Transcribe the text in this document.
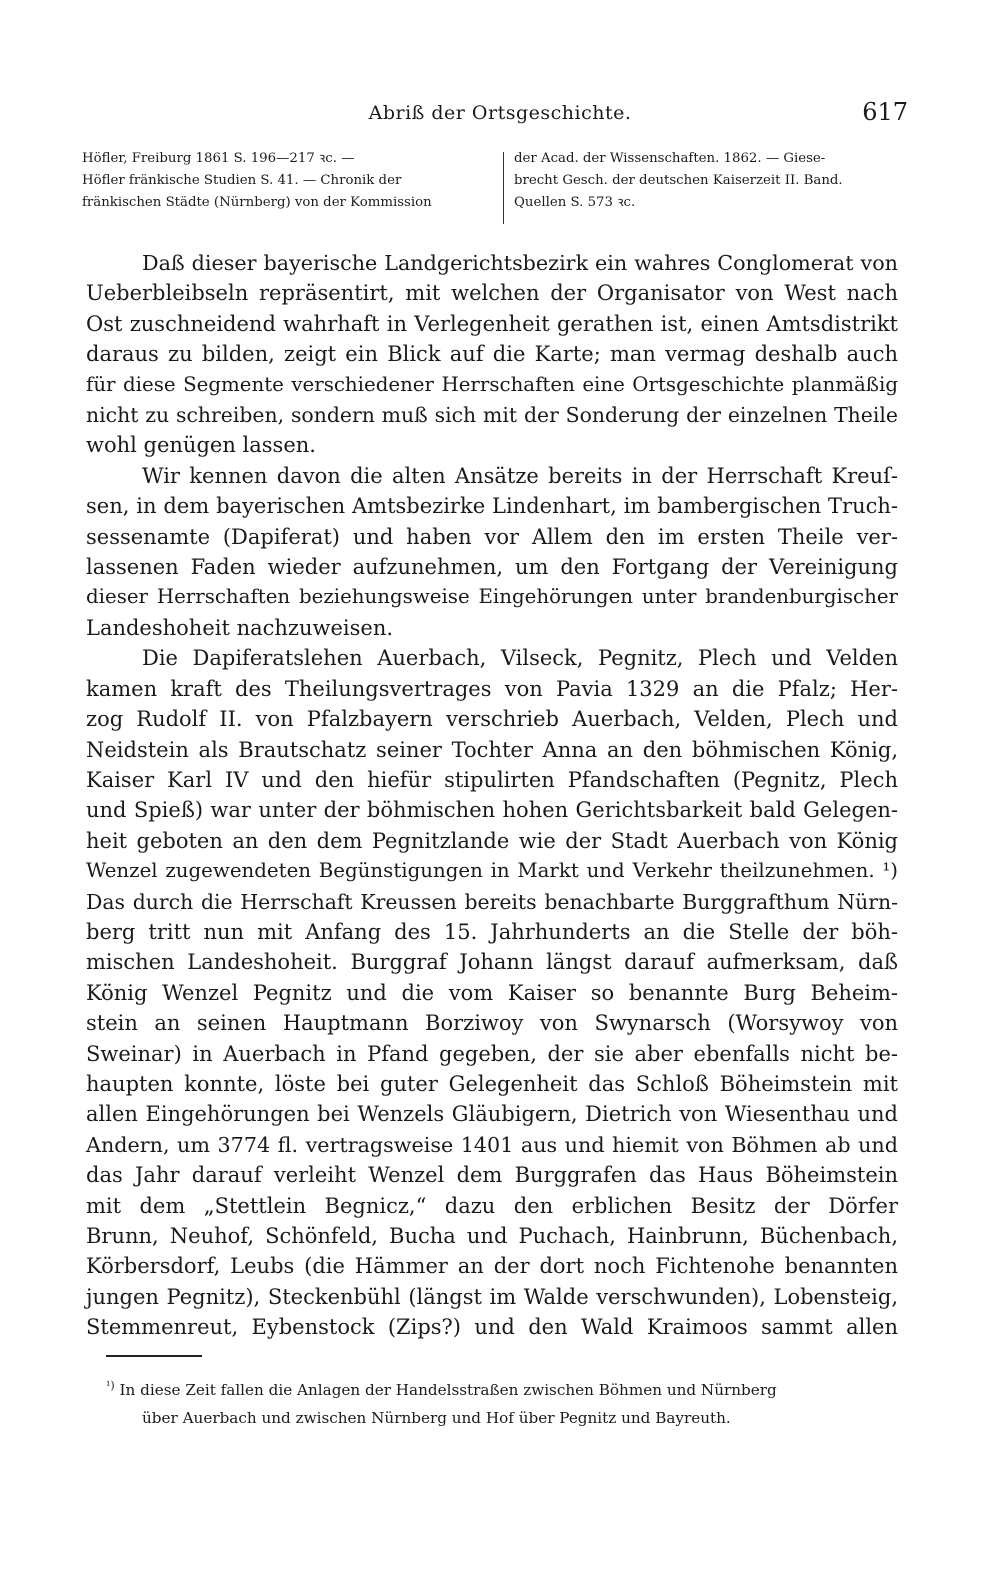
Abriß der Ortsgeschichte.	617
Höfler, Freiburg 1861 S. 196—217 ꝛc. —
Höfler fränkische Studien S. 41. — Chronik der
fränkischen Städte (Nürnberg) von der Kommission
der Acad. der Wissenschaften. 1862. — Giese-
brecht Gesch. der deutschen Kaiserzeit II. Band.
Quellen S. 573 ꝛc.
Daß dieser bayerische Landgerichtsbezirk ein wahres Conglomerat von
Ueberbleibseln repräsentirt, mit welchen der Organisator von West nach
Ost zuschneidend wahrhaft in Verlegenheit gerathen ist, einen Amtsdistrikt
daraus zu bilden, zeigt ein Blick auf die Karte; man vermag deshalb auch
für diese Segmente verschiedener Herrschaften eine Ortsgeschichte planmäßig
nicht zu schreiben, sondern muß sich mit der Sonderung der einzelnen Theile
wohl genügen lassen.
Wir kennen davon die alten Ansätze bereits in der Herrschaft Kreuſ-
sen, in dem bayerischen Amtsbezirke Lindenhart, im bambergischen Truch-
sessenamte (Dapiferat) und haben vor Allem den im ersten Theile ver-
lassenen Faden wieder aufzunehmen, um den Fortgang der Vereinigung
dieser Herrschaften beziehungsweise Eingehörungen unter brandenburgischer
Landeshoheit nachzuweisen.
Die Dapiferatslehen Auerbach, Vilseck, Pegnitz, Plech und Velden
kamen kraft des Theilungsvertrages von Pavia 1329 an die Pfalz; Her-
zog Rudolf II. von Pfalzbayern verschrieb Auerbach, Velden, Plech und
Neidstein als Brautschatz seiner Tochter Anna an den böhmischen König,
Kaiser Karl IV und den hiefür stipulirten Pfandschaften (Pegnitz, Plech
und Spieß) war unter der böhmischen hohen Gerichtsbarkeit bald Gelegen-
heit geboten an den dem Pegnitzlande wie der Stadt Auerbach von König
Wenzel zugewendeten Begünstigungen in Markt und Verkehr theilzunehmen. ¹)
Das durch die Herrschaft Kreussen bereits benachbarte Burggrafthum Nürn-
berg tritt nun mit Anfang des 15. Jahrhunderts an die Stelle der böh-
mischen Landeshoheit. Burggraf Johann längst darauf aufmerksam, daß
König Wenzel Pegnitz und die vom Kaiser so benannte Burg Beheim-
stein an seinen Hauptmann Borziwoy von Swynarsch (Worsywoy von
Sweinar) in Auerbach in Pfand gegeben, der sie aber ebenfalls nicht be-
haupten konnte, löste bei guter Gelegenheit das Schloß Böheimstein mit
allen Eingehörungen bei Wenzels Gläubigern, Dietrich von Wiesenthau und
Andern, um 3774 fl. vertragsweise 1401 aus und hiemit von Böhmen ab und
das Jahr darauf verleiht Wenzel dem Burggrafen das Haus Böheimstein
mit dem „Stettlein Begnicz,“ dazu den erblichen Besitz der Dörfer
Brunn, Neuhof, Schönfeld, Bucha und Puchach, Hainbrunn, Büchenbach,
Körbersdorf, Leubs (die Hämmer an der dort noch Fichtenohe benannten
jungen Pegnitz), Steckenbühl (längst im Walde verschwunden), Lobensteig,
Stemmenreut, Eybenstock (Zips?) und den Wald Kraimoos sammt allen
$^{^1)}$ In diese Zeit fallen die Anlagen der Handelsstraßen zwischen Böhmen und Nürnberg
über Auerbach und zwischen Nürnberg und Hof über Pegnitz und Bayreuth.
